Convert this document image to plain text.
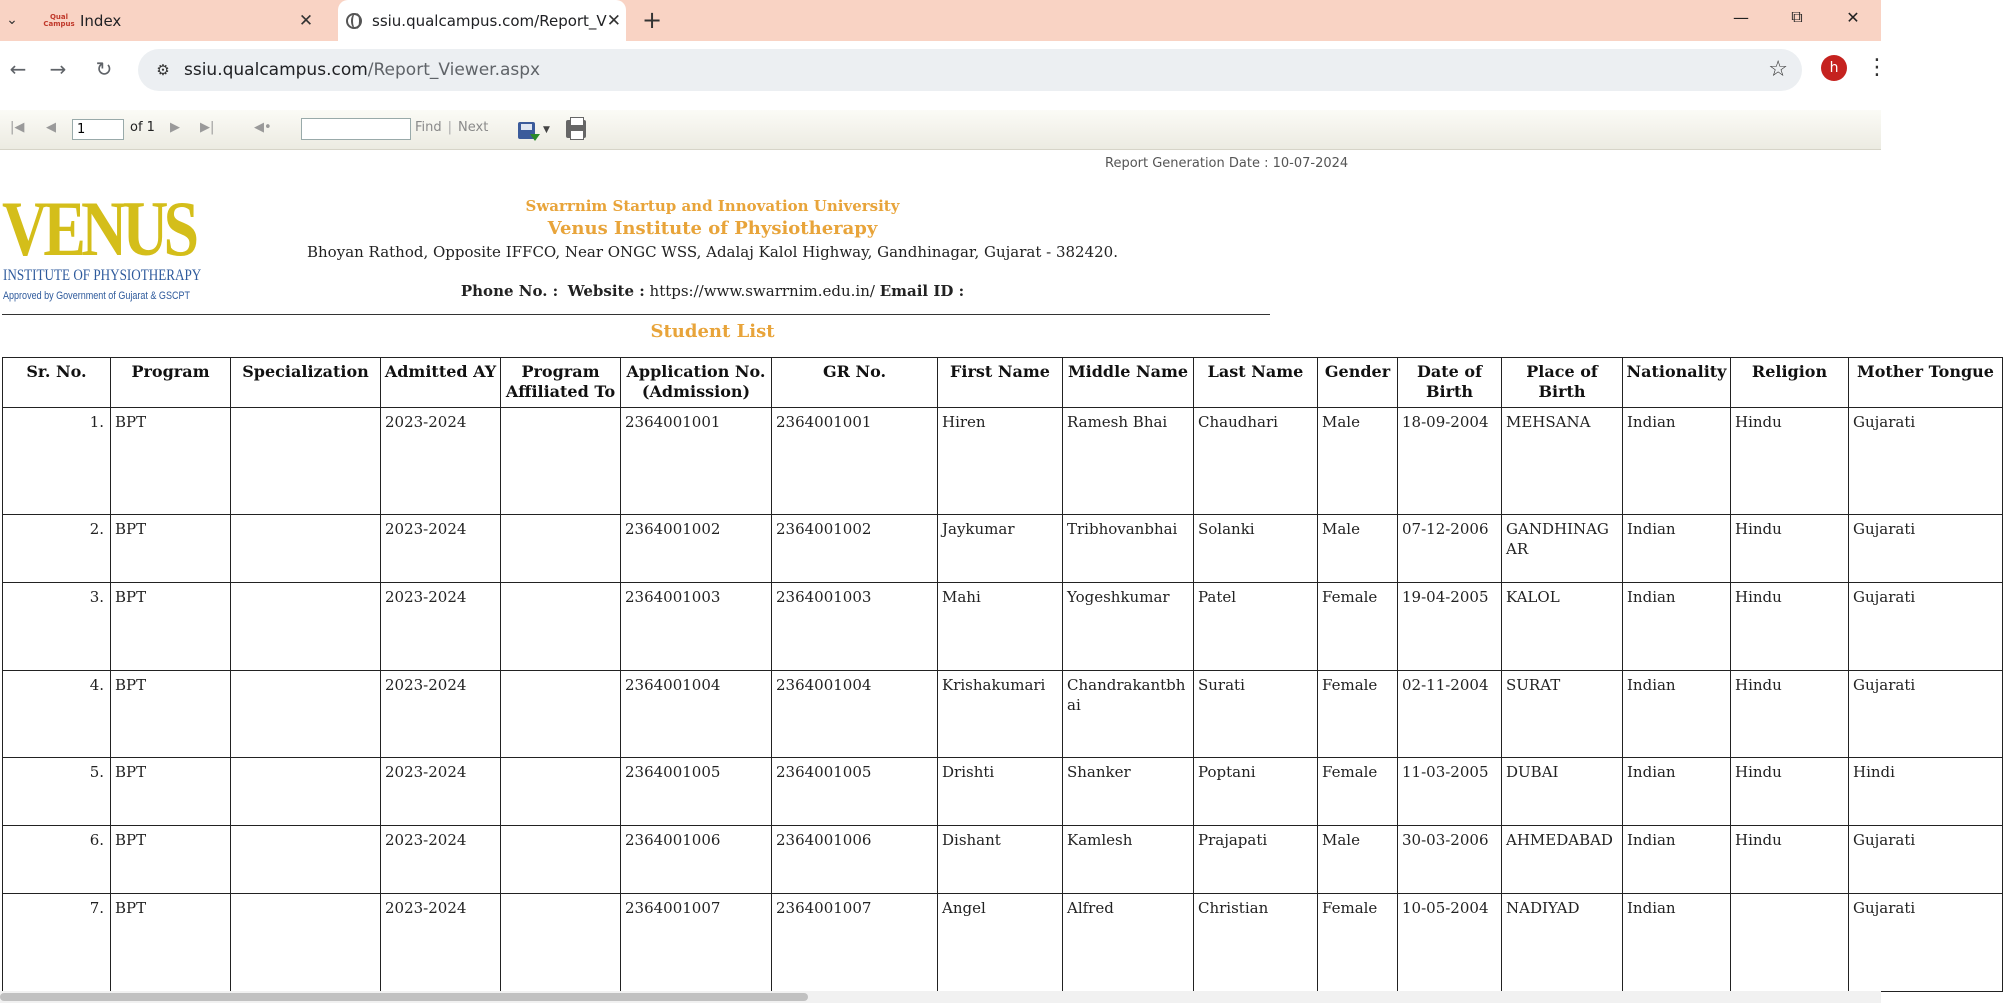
⌄	Qual Campus Index	✕	ssiu.qualcampus.com/Report_V ✕ +	—	⧉	✕
←	→	↻	⚙ ssiu.qualcampus.com/Report_Viewer.aspx	☆	h	⋮
|◀ ◀
1	of 1 ▶ ▶|	◀•	Find | Next	▼
Report Generation Date : 10-07-2024
VENUS
INSTITUTE OF PHYSIOTHERAPY
Approved by Government of Gujarat & GSCPT
Swarrnim Startup and Innovation University
Venus Institute of Physiotherapy
Bhoyan Rathod, Opposite IFFCO, Near ONGC WSS, Adalaj Kalol Highway, Gandhinagar, Gujarat - 382420.
Phone No. : Website : https://www.swarrnim.edu.in/ Email ID :
Student List
Sr. No.	Program	Specialization	Admitted AY	Program Affiliated To	Application No. (Admission)	GR No.	First Name	Middle Name	Last Name	Gender	Date of Birth	Place of Birth	Nationality	Religion	Mother Tongue
1.	BPT		2023-2024		2364001001	2364001001	Hiren	Ramesh Bhai	Chaudhari	Male	18-09-2004	MEHSANA	Indian	Hindu	Gujarati
2.	BPT		2023-2024		2364001002	2364001002	Jaykumar	Tribhovanbhai	Solanki	Male	07-12-2006	GANDHINAGAR	Indian	Hindu	Gujarati
3.	BPT		2023-2024		2364001003	2364001003	Mahi	Yogeshkumar	Patel	Female	19-04-2005	KALOL	Indian	Hindu	Gujarati
4.	BPT		2023-2024		2364001004	2364001004	Krishakumari	Chandrakantbhai	Surati	Female	02-11-2004	SURAT	Indian	Hindu	Gujarati
5.	BPT		2023-2024		2364001005	2364001005	Drishti	Shanker	Poptani	Female	11-03-2005	DUBAI	Indian	Hindu	Hindi
6.	BPT		2023-2024		2364001006	2364001006	Dishant	Kamlesh	Prajapati	Male	30-03-2006	AHMEDABAD	Indian	Hindu	Gujarati
7.	BPT		2023-2024		2364001007	2364001007	Angel	Alfred	Christian	Female	10-05-2004	NADIYAD	Indian		Gujarati
